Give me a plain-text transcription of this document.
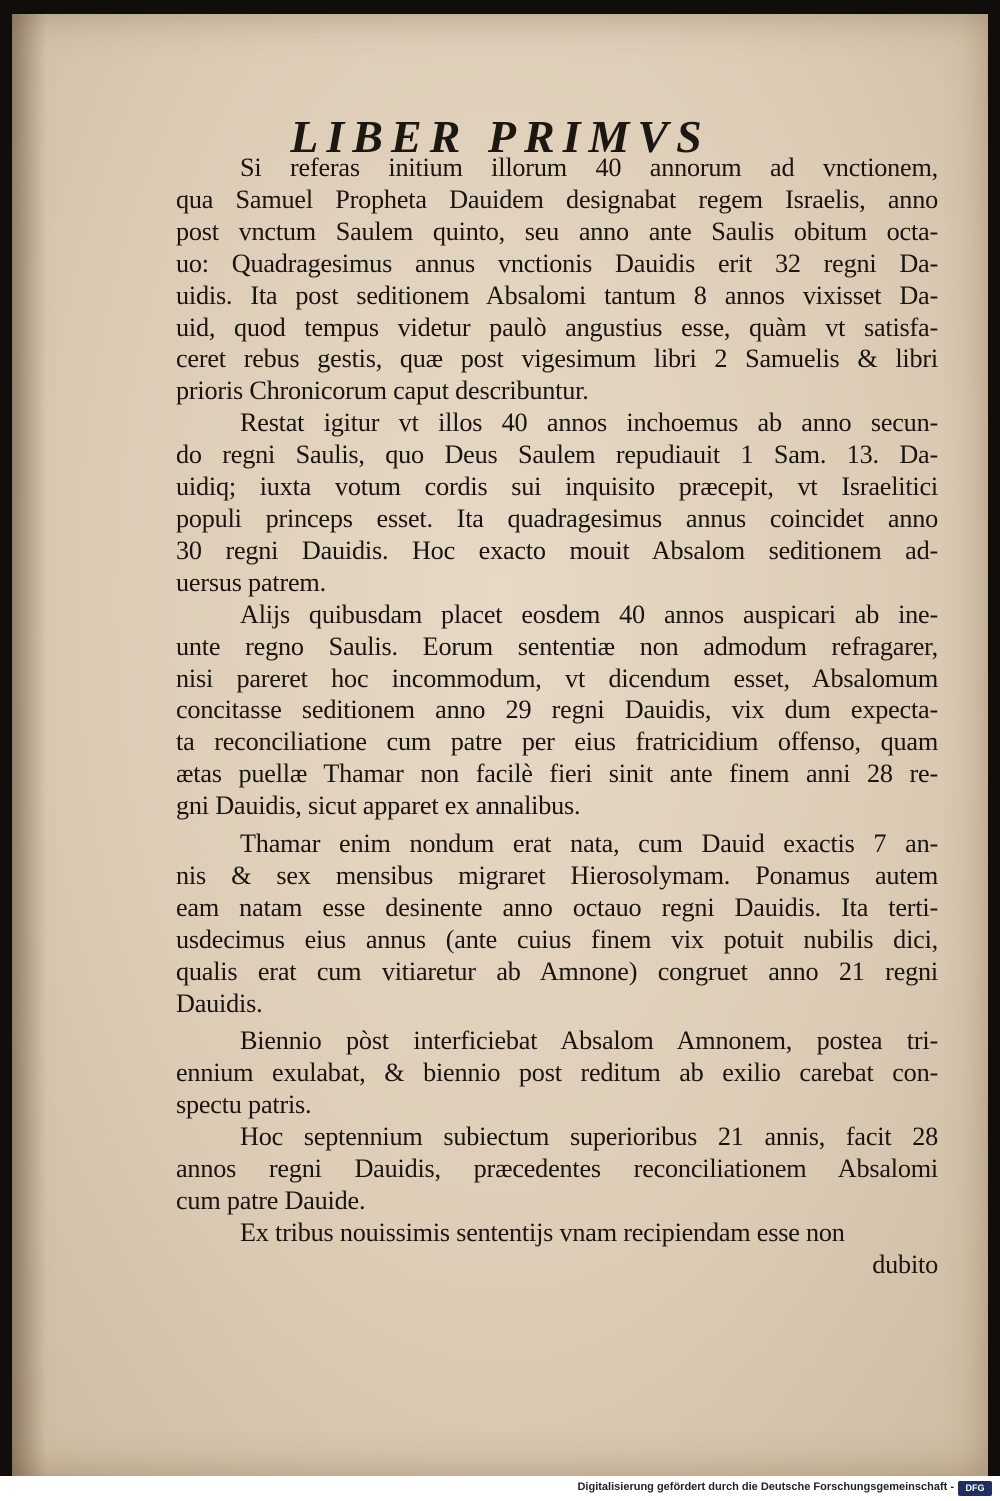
LIBER PRIMVS
Si referas initium illorum 40 annorum ad vnctionem,
qua Samuel Propheta Dauidem designabat regem Israelis, anno
post vnctum Saulem quinto, seu anno ante Saulis obitum octa-
uo: Quadragesimus annus vnctionis Dauidis erit 32 regni Da-
uidis. Ita post seditionem Absalomi tantum 8 annos vixisset Da-
uid, quod tempus videtur paulò angustius esse, quàm vt satisfa-
ceret rebus gestis, quæ post vigesimum libri 2 Samuelis & libri
prioris Chronicorum caput describuntur.
Restat igitur vt illos 40 annos inchoemus ab anno secun-
do regni Saulis, quo Deus Saulem repudiauit 1 Sam. 13. Da-
uidiq; iuxta votum cordis sui inquisito præcepit, vt Israelitici
populi princeps esset. Ita quadragesimus annus coincidet anno
30 regni Dauidis. Hoc exacto mouit Absalom seditionem ad-
uersus patrem.
Alijs quibusdam placet eosdem 40 annos auspicari ab ine-
unte regno Saulis. Eorum sententiæ non admodum refragarer,
nisi pareret hoc incommodum, vt dicendum esset, Absalomum
concitasse seditionem anno 29 regni Dauidis, vix dum expecta-
ta reconciliatione cum patre per eius fratricidium offenso, quam
ætas puellæ Thamar non facilè fieri sinit ante finem anni 28 re-
gni Dauidis, sicut apparet ex annalibus.
Thamar enim nondum erat nata, cum Dauid exactis 7 an-
nis & sex mensibus migraret Hierosolymam. Ponamus autem
eam natam esse desinente anno octauo regni Dauidis. Ita terti-
usdecimus eius annus (ante cuius finem vix potuit nubilis dici,
qualis erat cum vitiaretur ab Amnone) congruet anno 21 regni
Dauidis.
Biennio pòst interficiebat Absalom Amnonem, postea tri-
ennium exulabat, & biennio post reditum ab exilio carebat con-
spectu patris.
Hoc septennium subiectum superioribus 21 annis, facit 28
annos regni Dauidis, præcedentes reconciliationem Absalomi
cum patre Dauide.
Ex tribus nouissimis sententijs vnam recipiendam esse non
dubito
Digitalisierung gefördert durch die Deutsche Forschungsgemeinschaft -	DFG
